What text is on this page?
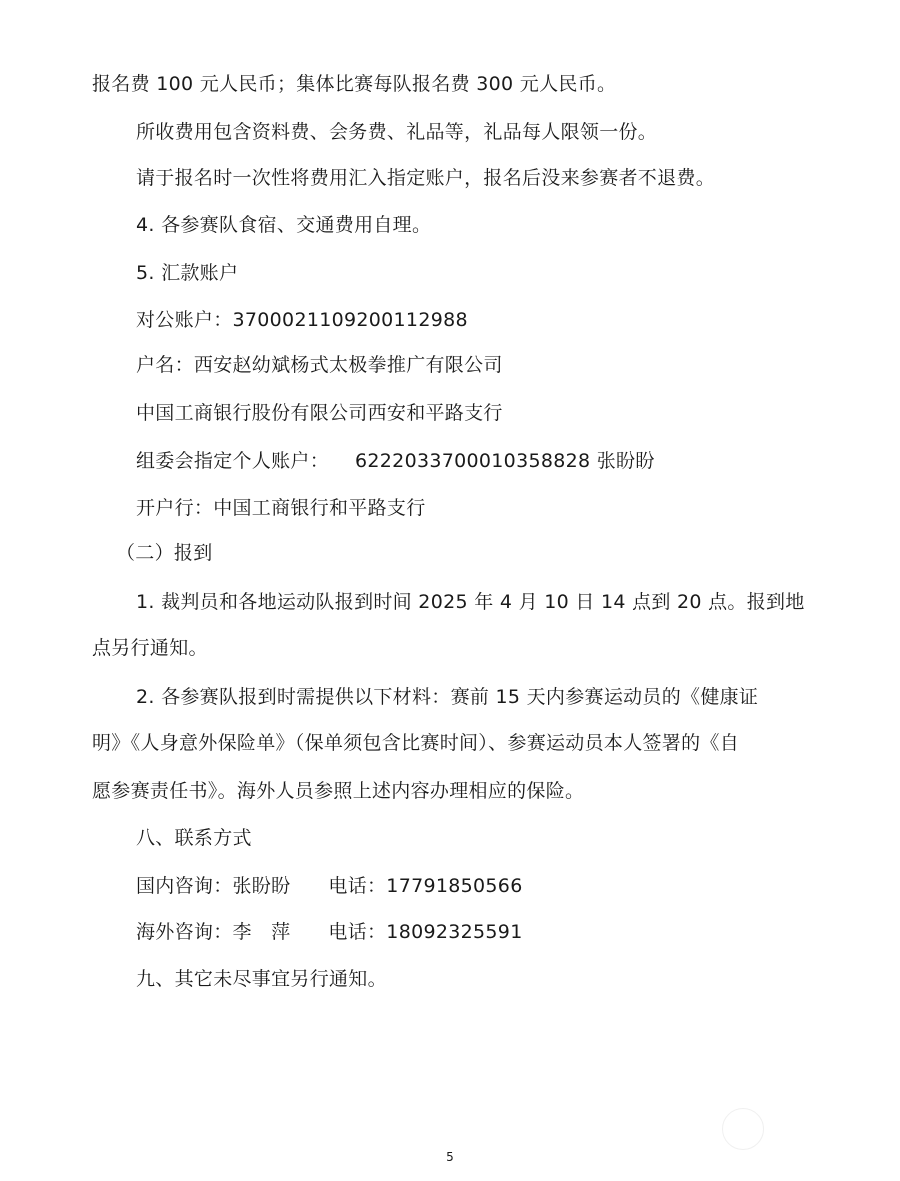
报名费 100 元人民币；集体比赛每队报名费 300 元人民币。
所收费用包含资料费、会务费、礼品等，礼品每人限领一份。
请于报名时一次性将费用汇入指定账户，报名后没来参赛者不退费。
4. 各参赛队食宿、交通费用自理。
5. 汇款账户
对公账户：3700021109200112988
户名：西安赵幼斌杨式太极拳推广有限公司
中国工商银行股份有限公司西安和平路支行
组委会指定个人账户： 6222033700010358828 张盼盼
开户行：中国工商银行和平路支行
（二）报到
1. 裁判员和各地运动队报到时间 2025 年 4 月 10 日 14 点到 20 点。报到地
点另行通知。
2. 各参赛队报到时需提供以下材料：赛前 15 天内参赛运动员的《健康证
明》《人身意外保险单》（保单须包含比赛时间）、参赛运动员本人签署的《自
愿参赛责任书》。海外人员参照上述内容办理相应的保险。
八、联系方式
国内咨询：张盼盼 电话：17791850566
海外咨询：李　萍 电话：18092325591
九、其它未尽事宜另行通知。
5
